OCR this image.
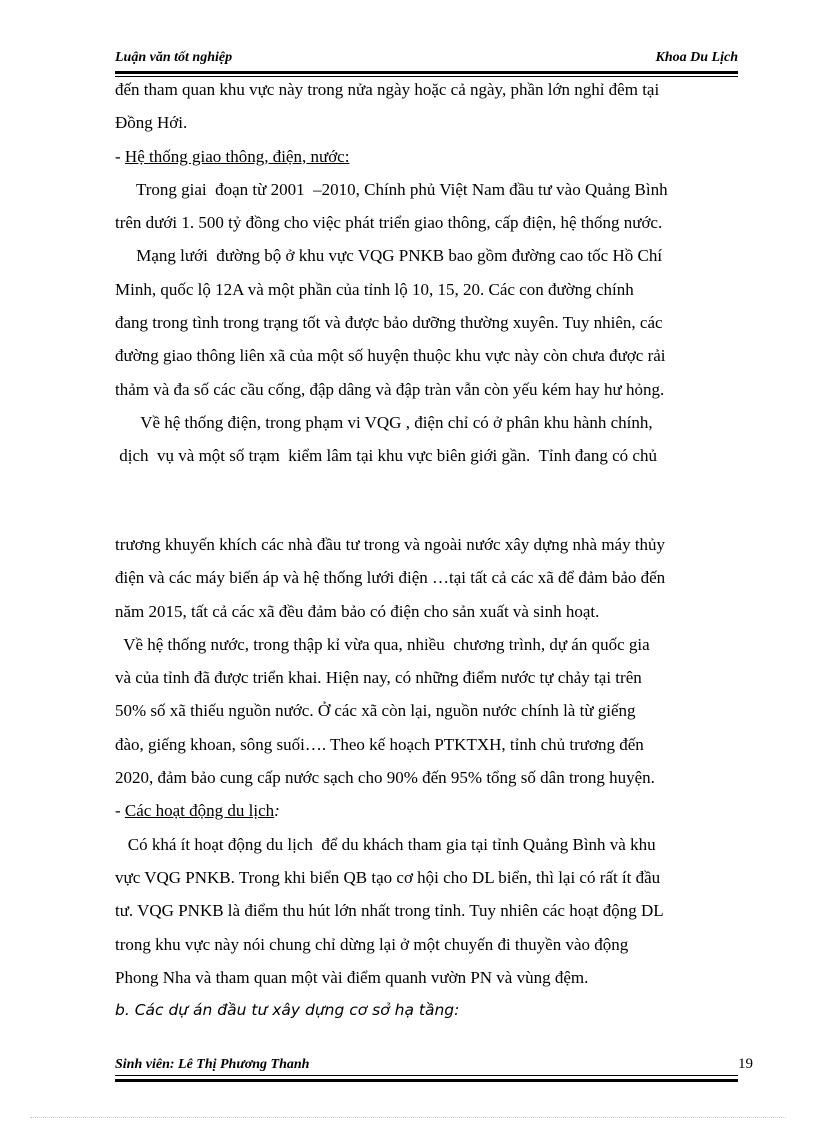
Luận văn tốt nghiệp	Khoa Du Lịch
đến tham quan khu vực này trong nửa ngày hoặc cả ngày, phần lớn nghỉ đêm tại
Đồng Hới.
- Hệ thống giao thông, điện, nước:
Trong giai  đoạn từ 2001  –2010, Chính phủ Việt Nam đầu tư vào Quảng Bình
trên dưới 1. 500 tỷ đồng cho việc phát triển giao thông, cấp điện, hệ thống nước.
Mạng lưới  đường bộ ở khu vực VQG PNKB bao gồm đường cao tốc Hồ Chí
Minh, quốc lộ 12A và một phần của tỉnh lộ 10, 15, 20. Các con đường chính
đang trong tình trong trạng tốt và được bảo dưỡng thường xuyên. Tuy nhiên, các
đường giao thông liên xã của một số huyện thuộc khu vực này còn chưa được rải
thảm và đa số các cầu cống, đập dâng và đập tràn vẫn còn yếu kém hay hư hỏng.
Về hệ thống điện, trong phạm vi VQG , điện chỉ có ở phân khu hành chính,
dịch  vụ và một số trạm  kiểm lâm tại khu vực biên giới gần.  Tỉnh đang có chủ
trương khuyến khích các nhà đầu tư trong và ngoài nước xây dựng nhà máy thủy
điện và các máy biến áp và hệ thống lưới điện …tại tất cả các xã để đảm bảo đến
năm 2015, tất cả các xã đều đảm bảo có điện cho sản xuất và sinh hoạt.
Về hệ thống nước, trong thập kỉ vừa qua, nhiều  chương trình, dự án quốc gia
và của tỉnh đã được triển khai. Hiện nay, có những điểm nước tự chảy tại trên
50% số xã thiếu nguồn nước. Ở các xã còn lại, nguồn nước chính là từ giếng
đào, giếng khoan, sông suối…. Theo kế hoạch PTKTXH, tỉnh chủ trương đến
2020, đảm bảo cung cấp nước sạch cho 90% đến 95% tổng số dân trong huyện.
- Các hoạt động du lịch:
Có khá ít hoạt động du lịch  để du khách tham gia tại tỉnh Quảng Bình và khu
vực VQG PNKB. Trong khi biển QB tạo cơ hội cho DL biển, thì lại có rất ít đầu
tư. VQG PNKB là điểm thu hút lớn nhất trong tỉnh. Tuy nhiên các hoạt động DL
trong khu vực này nói chung chỉ dừng lại ở một chuyến đi thuyền vào động
Phong Nha và tham quan một vài điểm quanh vườn PN và vùng đệm.
b. Các dự án đầu tư xây dựng cơ sở hạ tầng:
Sinh viên: Lê Thị Phương Thanh	19
